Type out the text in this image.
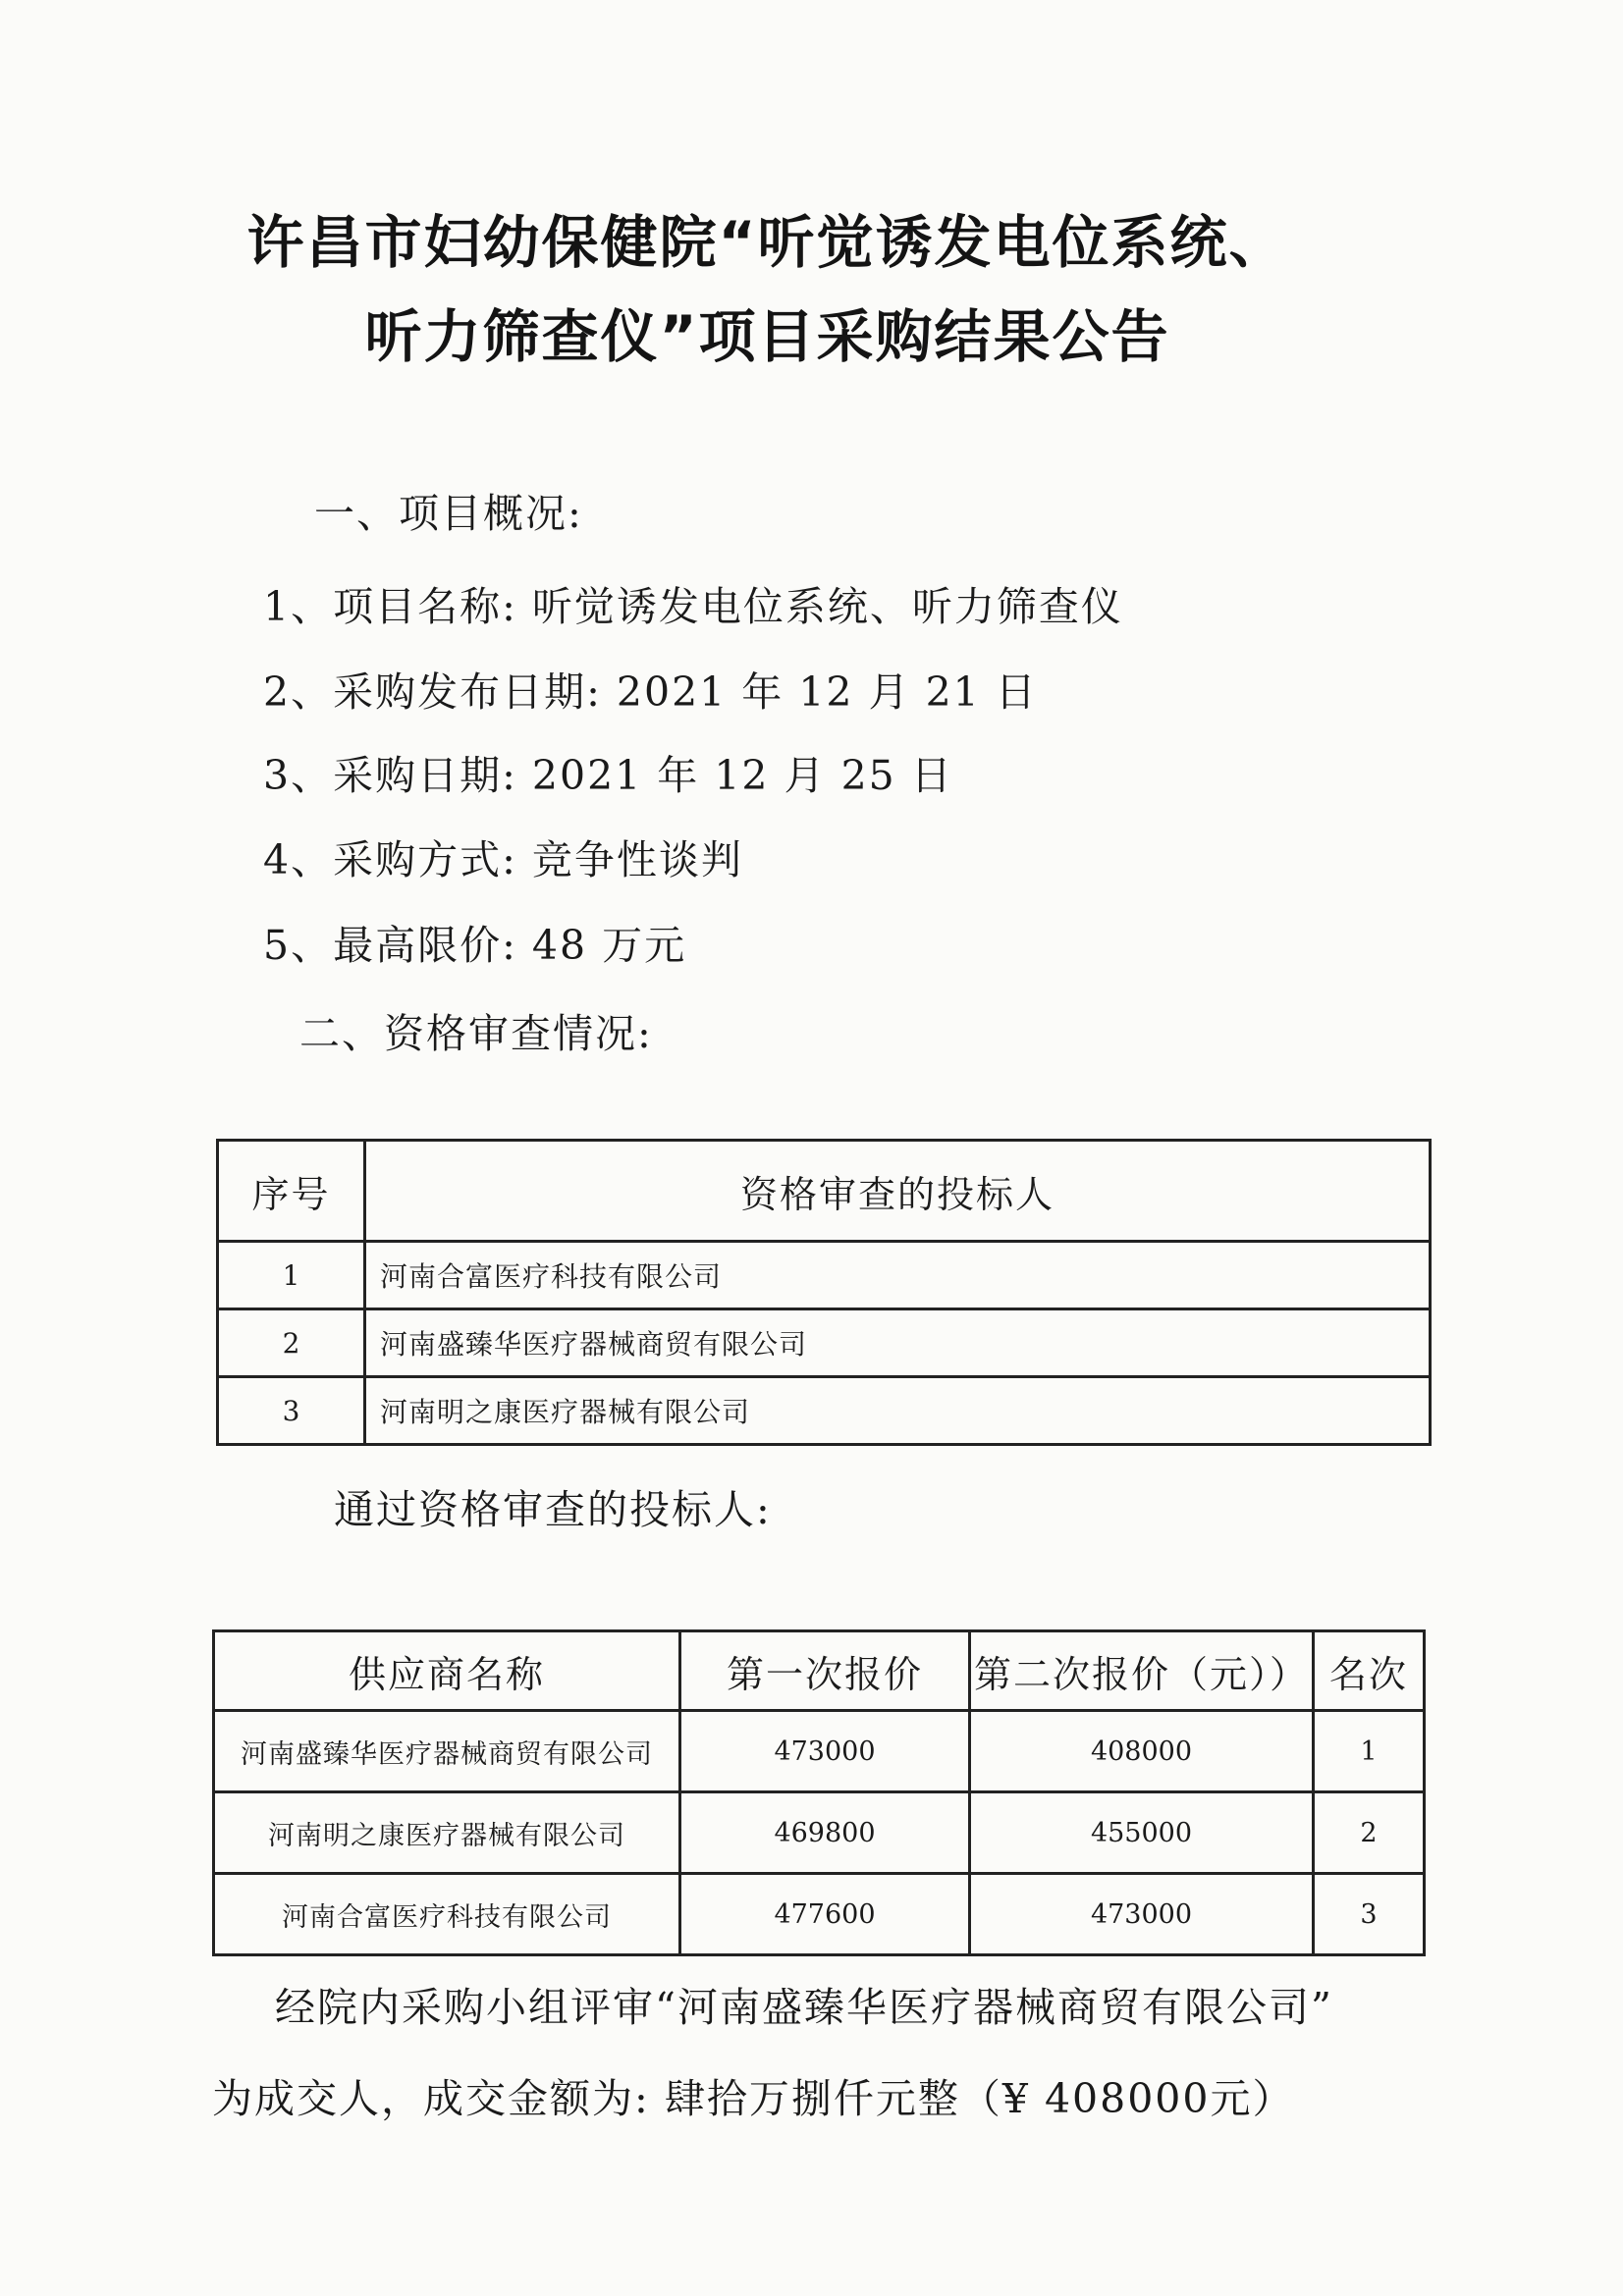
许昌市妇幼保健院“听觉诱发电位系统、
听力筛查仪”项目采购结果公告
一、项目概况:
1、项目名称: 听觉诱发电位系统、听力筛查仪
2、采购发布日期: 2021 年 12 月 21 日
3、采购日期: 2021 年 12 月 25 日
4、采购方式: 竞争性谈判
5、最高限价: 48 万元
二、资格审查情况:
序号	资格审查的投标人
1	河南合富医疗科技有限公司
2	河南盛臻华医疗器械商贸有限公司
3	河南明之康医疗器械有限公司
通过资格审查的投标人:
供应商名称	第一次报价	第二次报价（元））	名次
河南盛臻华医疗器械商贸有限公司	473000	408000	1
河南明之康医疗器械有限公司	469800	455000	2
河南合富医疗科技有限公司	477600	473000	3
经院内采购小组评审“河南盛臻华医疗器械商贸有限公司”
为成交人，成交金额为: 肆拾万捌仟元整（¥ 408000元）
